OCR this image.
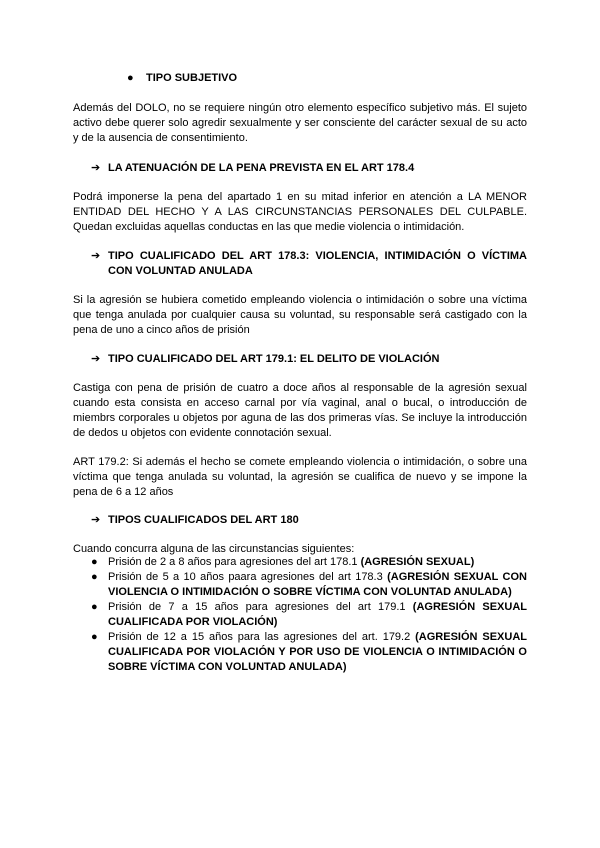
● TIPO SUBJETIVO
Además del DOLO, no se requiere ningún otro elemento específico subjetivo más. El sujeto activo debe querer solo agredir sexualmente y ser consciente del carácter sexual de su acto y de la ausencia de consentimiento.
➔ LA ATENUACIÓN DE LA PENA PREVISTA EN EL ART 178.4
Podrá imponerse la pena del apartado 1 en su mitad inferior en atención a LA MENOR ENTIDAD DEL HECHO Y A LAS CIRCUNSTANCIAS PERSONALES DEL CULPABLE. Quedan excluidas aquellas conductas en las que medie violencia o intimidación.
➔ TIPO CUALIFICADO DEL ART 178.3: VIOLENCIA, INTIMIDACIÓN O VÍCTIMA CON VOLUNTAD ANULADA
Si la agresión se hubiera cometido empleando violencia o intimidación o sobre una víctima que tenga anulada por cualquier causa su voluntad, su responsable será castigado con la pena de uno a cinco años de prisión
➔ TIPO CUALIFICADO DEL ART 179.1: EL DELITO DE VIOLACIÓN
Castiga con pena de prisión de cuatro a doce años al responsable de la agresión sexual cuando esta consista en acceso carnal por vía vaginal, anal o bucal, o introducción de miembrs corporales u objetos por aguna de las dos primeras vías. Se incluye la introducción de dedos u objetos con evidente connotación sexual.
ART 179.2: Si además el hecho se comete empleando violencia o intimidación, o sobre una víctima que tenga anulada su voluntad, la agresión se cualifica de nuevo y se impone la pena de 6 a 12 años
➔ TIPOS CUALIFICADOS DEL ART 180
Cuando concurra alguna de las circunstancias siguientes:
● Prisión de 2 a 8 años para agresiones del art 178.1 (AGRESIÓN SEXUAL)
● Prisión de 5 a 10 años paara agresiones del art 178.3 (AGRESIÓN SEXUAL CON VIOLENCIA O INTIMIDACIÓN O SOBRE VÍCTIMA CON VOLUNTAD ANULADA)
● Prisión de 7 a 15 años para agresiones del art 179.1 (AGRESIÓN SEXUAL CUALIFICADA POR VIOLACIÓN)
● Prisión de 12 a 15 años para las agresiones del art. 179.2 (AGRESIÓN SEXUAL CUALIFICADA POR VIOLACIÓN Y POR USO DE VIOLENCIA O INTIMIDACIÓN O SOBRE VÍCTIMA CON VOLUNTAD ANULADA)
